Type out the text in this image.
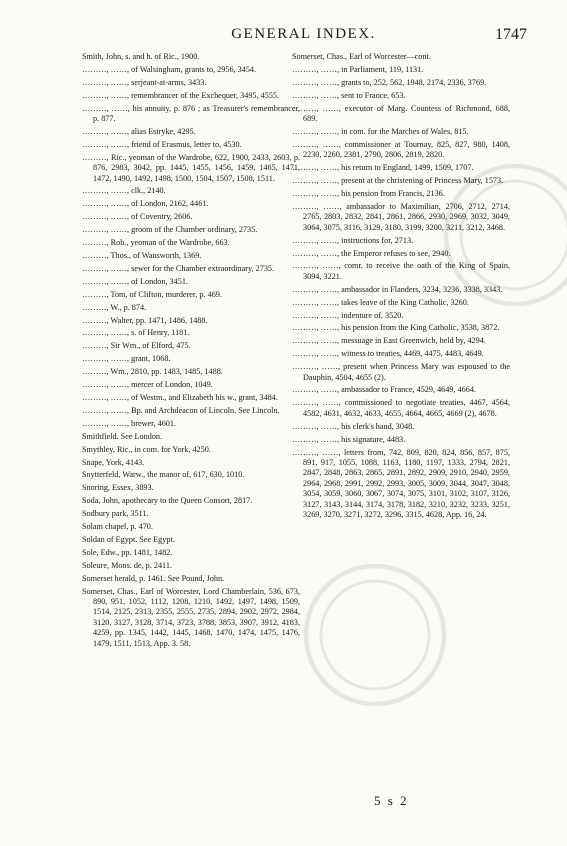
GENERAL INDEX.	1747
Smith, John, s. and h. of Ric., 1900.
………, ……, of Walsingham, grants to, 2956, 3454.
………, ……, serjeant-at-arms, 3433.
………, ……, remembrancer of the Exchequer, 3495, 4555.
………, ……, his annuity, p. 876 ; as Treasurer's remembrancer, p. 877.
………, ……, alias Estryke, 4295.
………, ……, friend of Erasmus, letter to, 4530.
………, Ric., yeoman of the Wardrobe, 622, 1900, 2433, 2603, p. 876, 2983, 3042, pp. 1445, 1455, 1456, 1459, 1465, 1471, 1472, 1490, 1492, 1498, 1500, 1504, 1507, 1508, 1511.
………, ……, clk., 2140.
………, ……, of London, 2162, 4461.
………, ……, of Coventry, 2606.
………, ……, groom of the Chamber ordinary, 2735.
………, Rob., yeoman of the Wardrobe, 663.
………, Thos., of Wansworth, 1369.
………, ……, sewer for the Chamber extraordinary, 2735.
………, ……, of London, 3451.
………, Tom, of Clifton, murderer, p. 469.
………, W., p. 874.
………, Walter, pp. 1471, 1486, 1488.
………, ……, s. of Henry, 1181.
………, Sir Wm., of Elford, 475.
………, ……, grant, 1068.
………, Wm., 2810, pp. 1483, 1485, 1488.
………, ……, mercer of London, 1049.
………, ……, of Westm., and Elizabeth his w., grant, 3484.
………, ……, Bp. and Archdeacon of Lincoln. See Lincoln.
………, ……, brewer, 4601.
Smithfield. See London.
Smythley, Ric., in com. for York, 4250.
Snape, York, 4143.
Snytterfeld, Warw., the manor of, 617, 630, 1010.
Snoring, Essex, 3893.
Soda, John, apothecary to the Queen Consort, 2817.
Sodbury park, 3511.
Solam chapel, p. 470.
Soldan of Egypt. See Egypt.
Sole, Edw., pp. 1481, 1482.
Soleure, Mons. de, p. 2411.
Somerset herald, p. 1461. See Pound, John.
Somerset, Chas., Earl of Worcester, Lord Chamberlain, 536, 673, 890, 951, 1052, 1112, 1208, 1210, 1492, 1497, 1498, 1509, 1514, 2125, 2313, 2355, 2555, 2735, 2894, 2902, 2972, 2984, 3120, 3127, 3128, 3714, 3723, 3788, 3853, 3907, 3912, 4183, 4259, pp. 1345, 1442, 1445, 1468, 1470, 1474, 1475, 1476, 1479, 1511, 1513, App. 3. 58.
Somerset, Chas., Earl of Worcester—cont.
………, ……, in Parliament, 119, 1131.
………, ……, grants to, 252, 562, 1948, 2174, 2336, 3769.
………, ……, sent to France, 653.
………, ……, executor of Marg. Countess of Richmond, 688, 689.
………, ……, in com. for the Marches of Wales, 815.
………, ……, commissioner at Tournay, 825, 827, 980, 1408, 2230, 2260, 2381, 2790, 2806, 2819, 2820.
………, ……, his return to England, 1499, 1509, 1707.
………, ……, present at the christening of Princess Mary, 1573.
………, ……, his pension from Francis, 2136.
………, ……, ambassador to Maximilian, 2706, 2712, 2714, 2765, 2803, 2832, 2841, 2861, 2866, 2930, 2969, 3032, 3049, 3064, 3075, 3116, 3129, 3180, 3199, 3200, 3211, 3212, 3468.
………, ……, instructions for, 2713.
………, ……, the Emperor refuses to see, 2940.
………, ……, comr. to receive the oath of the King of Spain, 3094, 3221.
………, ……, ambassador in Flanders, 3234, 3236, 3338, 3343.
………, ……, takes leave of the King Catholic, 3260.
………, ……, indenture of, 3520.
………, ……, his pension from the King Catholic, 3538, 3872.
………, ……, messuage in East Greenwich, held by, 4294.
………, ……, witness to treaties, 4469, 4475, 4483, 4649.
………, ……, present when Princess Mary was espoused to the Dauphin, 4504, 4655 (2).
………, ……, ambassador to France, 4529, 4649, 4664.
………, ……, commissioned to negotiate treaties, 4467, 4564, 4582, 4631, 4632, 4633, 4655, 4664, 4665, 4669 (2), 4678.
………, ……, his clerk's hand, 3048.
………, ……, his signature, 4483.
………, ……, letters from, 742, 809, 820, 824, 856, 857, 875, 891, 917, 1055, 1088, 1163, 1180, 1197, 1333, 2794, 2821, 2847, 2848, 2863, 2865, 2891, 2892, 2909, 2910, 2940, 2959, 2964, 2968, 2991, 2992, 2993, 3005, 3009, 3044, 3047, 3048, 3054, 3059, 3060, 3067, 3074, 3075, 3101, 3102, 3107, 3126, 3127, 3143, 3144, 3174, 3178, 3182, 3210, 3232, 3233, 3251, 3269, 3270, 3271, 3272, 3296, 3315, 4628, App. 16, 24.
5 s 2
